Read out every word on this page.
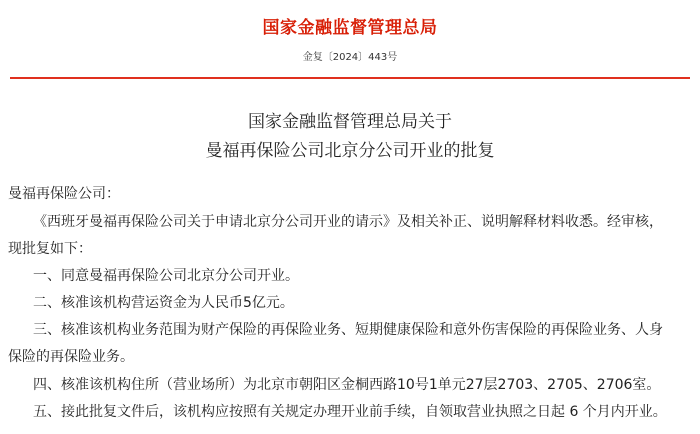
国家金融监督管理总局
金复〔2024〕443号
国家金融监督管理总局关于
曼福再保险公司北京分公司开业的批复
曼福再保险公司：
《西班牙曼福再保险公司关于申请北京分公司开业的请示》及相关补正、说明解释材料收悉。经审核，
现批复如下：
一、同意曼福再保险公司北京分公司开业。
二、核准该机构营运资金为人民币5亿元。
三、核准该机构业务范围为财产保险的再保险业务、短期健康保险和意外伤害保险的再保险业务、人身
保险的再保险业务。
四、核准该机构住所（营业场所）为北京市朝阳区金桐西路10号1单元27层2703、2705、2706室。
五、接此批复文件后，该机构应按照有关规定办理开业前手续，自领取营业执照之日起 6 个月内开业。
